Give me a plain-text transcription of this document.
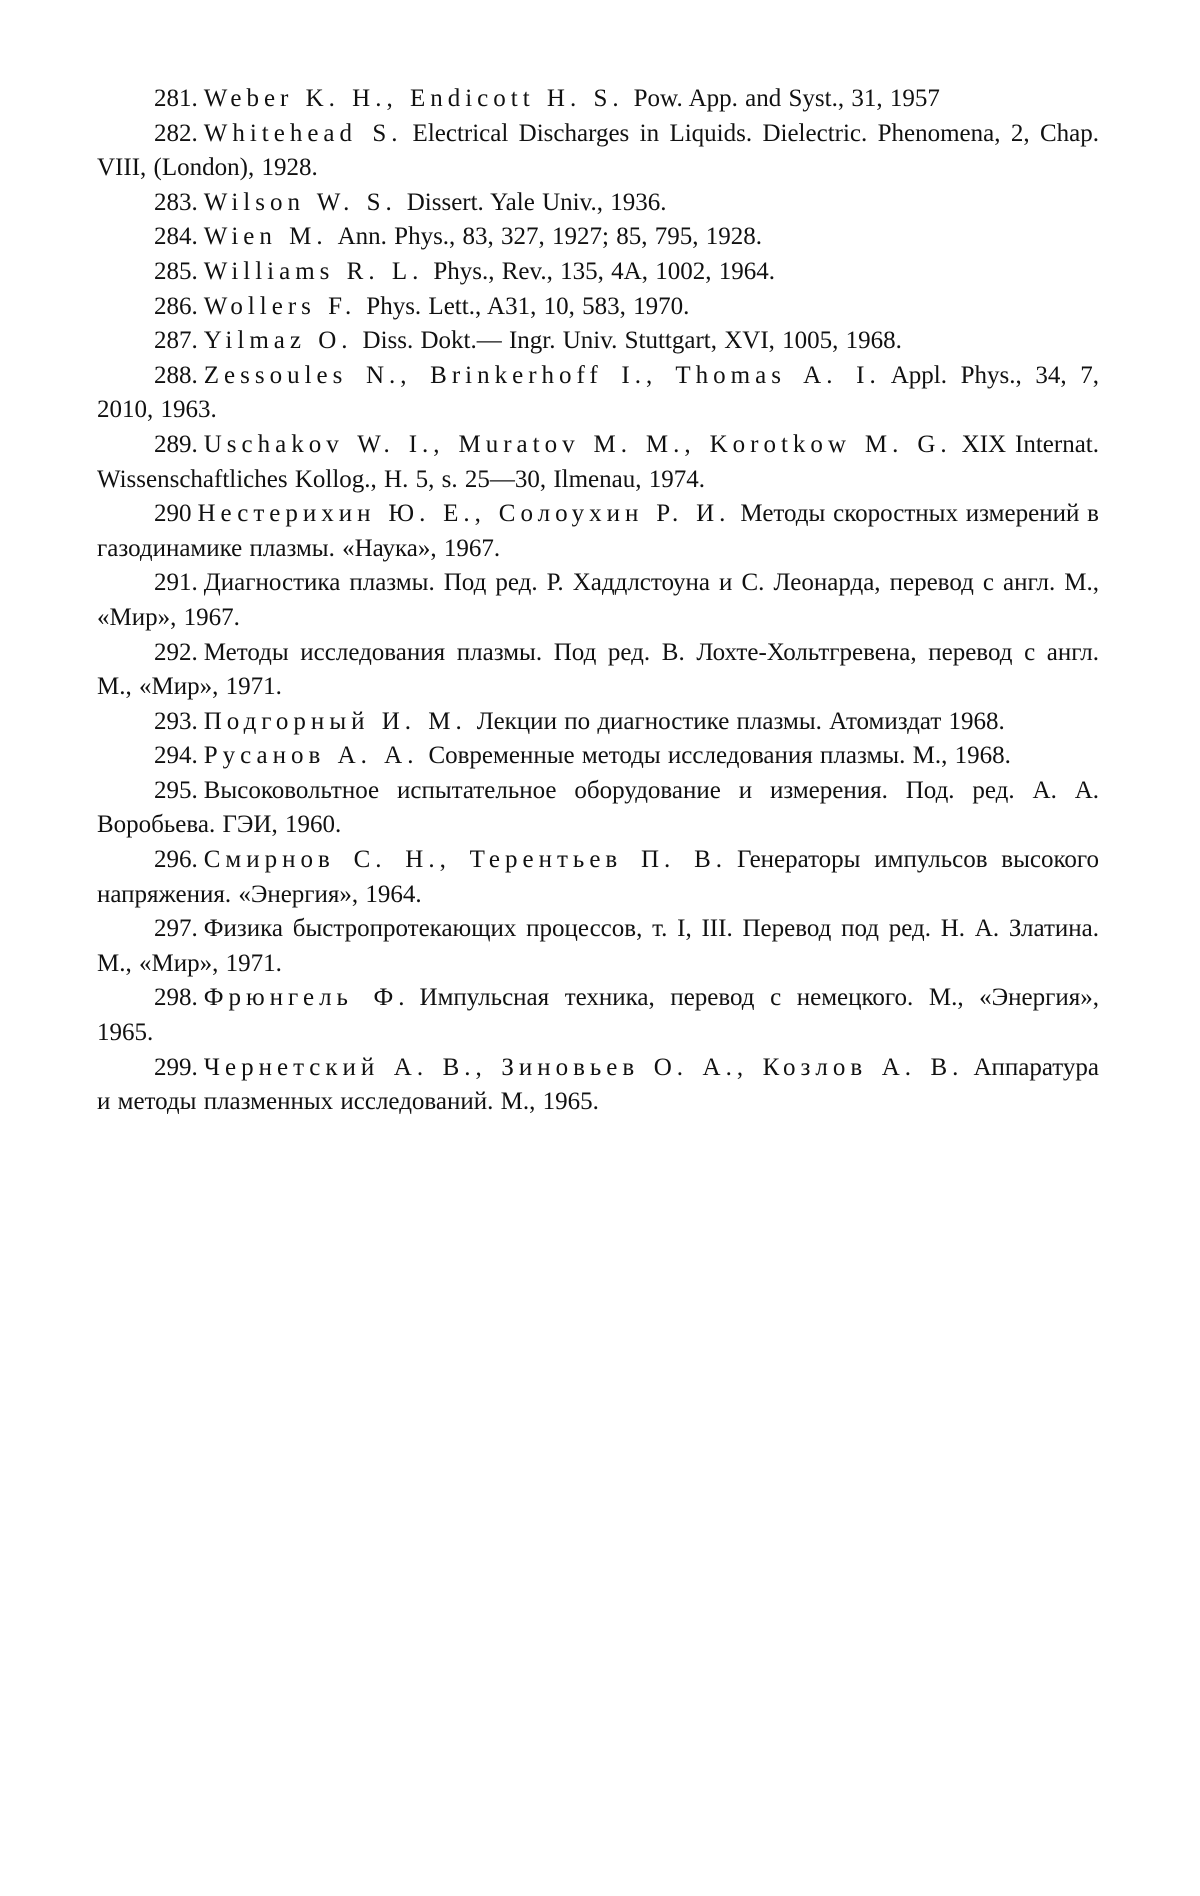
281. Weber K. H., Endicott H. S. Pow. App. and Syst., 31, 1957

282. Whitehead S. Electrical Discharges in Liquids. Dielectric. Phenomena, 2, Chap. VIII, (London), 1928.

283. Wilson W. S. Dissert. Yale Univ., 1936.

284. Wien M. Ann. Phys., 83, 327, 1927; 85, 795, 1928.

285. Williams R. L. Phys., Rev., 135, 4A, 1002, 1964.

286. Wollers F. Phys. Lett., A31, 10, 583, 1970.

287. Yilmaz O. Diss. Dokt.— Ingr. Univ. Stuttgart, XVI, 1005, 1968.

288. Zessoules N., Brinkerhoff I., Thomas A. I. Appl. Phys., 34, 7, 2010, 1963.

289. Uschakov W. I., Muratov M. M., Korotkow M. G. XIX Internat. Wissenschaftliches Kollog., H. 5, s. 25—30, Ilmenau, 1974.

290 Нестерихин Ю. Е., Солоухин Р. И. Методы скоростных измерений в газодинамике плазмы. «Наука», 1967.

291. Диагностика плазмы. Под ред. Р. Хаддлстоуна и С. Леонарда, перевод с англ. М., «Мир», 1967.

292. Методы исследования плазмы. Под ред. В. Лохте-Хольтгревена, перевод с англ. М., «Мир», 1971.

293. Подгорный И. М. Лекции по диагностике плазмы. Атомиздат 1968.

294. Русанов А. А. Современные методы исследования плазмы. М., 1968.

295. Высоковольтное испытательное оборудование и измерения. Под. ред. А. А. Воробьева. ГЭИ, 1960.

296. Смирнов С. Н., Терентьев П. В. Генераторы импульсов высокого напряжения. «Энергия», 1964.

297. Физика быстропротекающих процессов, т. I, III. Перевод под ред. Н. А. Златина. М., «Мир», 1971.

298. Фрюнгель Ф. Импульсная техника, перевод с немецкого. М., «Энергия», 1965.

299. Чернетский А. В., Зиновьев О. А., Козлов А. В. Аппаратура и методы плазменных исследований. М., 1965.
